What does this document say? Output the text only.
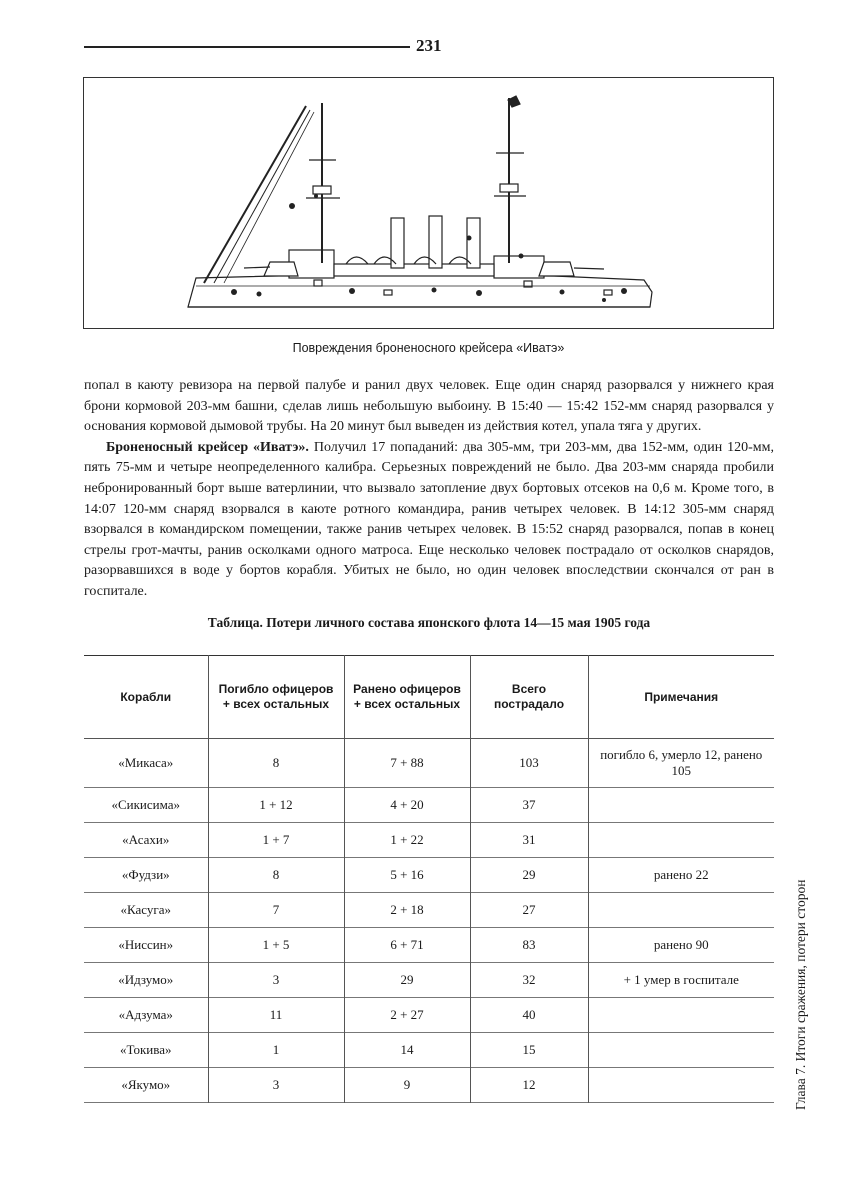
231
Повреждения броненосного крейсера «Иватэ»

попал в каюту ревизора на первой палубе и ранил двух человек. Еще один снаряд разорвался у нижнего края брони кормовой 203-мм башни, сделав лишь небольшую выбоину. В 15:40 — 15:42 152-мм снаряд разорвался у основания кормовой дымовой трубы. На 20 минут был выведен из действия котел, упала тяга у других.

Броненосный крейсер «Иватэ». Получил 17 попаданий: два 305-мм, три 203-мм, два 152-мм, один 120-мм, пять 75-мм и четыре неопределенного калибра. Серьезных повреждений не было. Два 203-мм снаряда пробили небронированный борт выше ватерлинии, что вызвало затопление двух бортовых отсеков на 0,6 м. Кроме того, в 14:07 120-мм снаряд взорвался в каюте ротного командира, ранив четырех человек. В 14:12 305-мм снаряд взорвался в командирском помещении, также ранив четырех человек. В 15:52 снаряд разорвался, попав в конец стрелы грот-мачты, ранив осколками одного матроса. Еще несколько человек пострадало от осколков снарядов, разорвавшихся в воде у бортов корабля. Убитых не было, но один человек впоследствии скончался от ран в госпитале.

Таблица. Потери личного состава японского флота 14—15 мая 1905 года
Корабли	Погибло офицеров + всех остальных	Ранено офицеров + всех остальных	Всего пострадало	Примечания
«Микаса»	8	7 + 88	103	погибло 6, умерло 12, ранено 105
«Сикисима»	1 + 12	4 + 20	37	
«Асахи»	1 + 7	1 + 22	31	
«Фудзи»	8	5 + 16	29	ранено 22
«Касуга»	7	2 + 18	27	
«Ниссин»	1 + 5	6 + 71	83	ранено 90
«Идзумо»	3	29	32	+ 1 умер в госпитале
«Адзума»	11	2 + 27	40	
«Токива»	1	14	15	
«Якумо»	3	9	12		Глава 7. Итоги сражения, потери сторон
